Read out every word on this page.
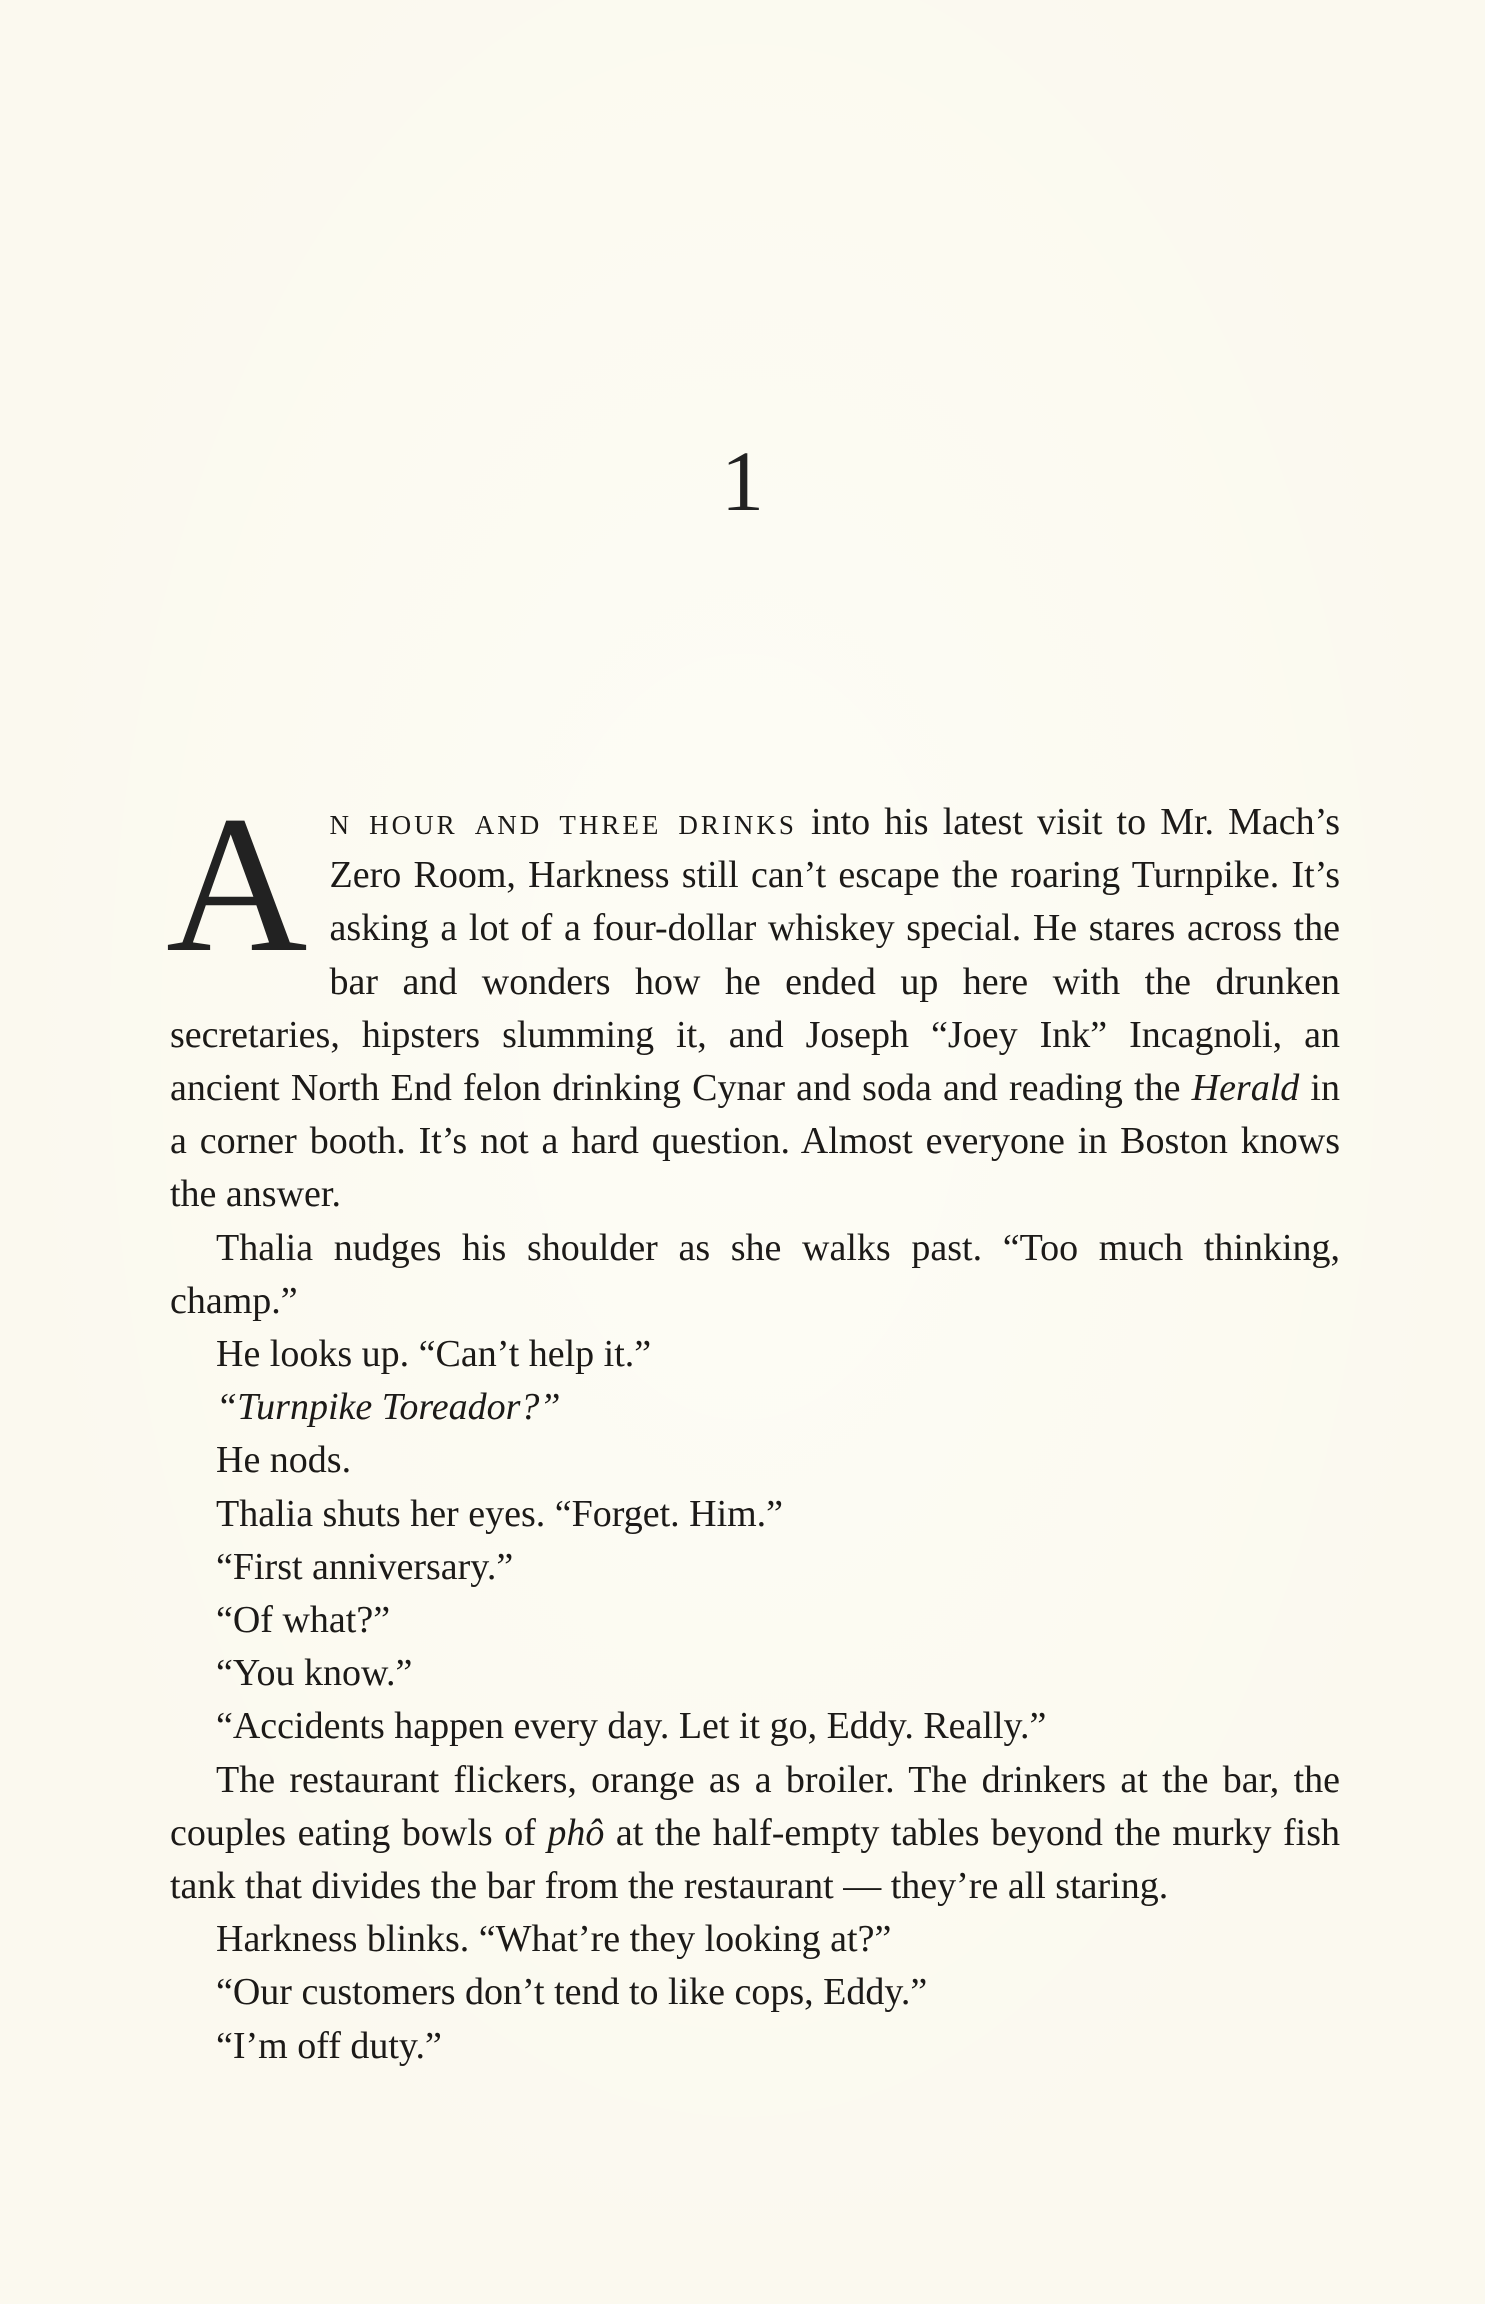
1

An hour and three drinks into his latest visit to Mr. Mach’s Zero Room, Harkness still can’t escape the roaring Turnpike. It’s asking a lot of a four-dollar whiskey special. He stares across the bar and wonders how he ended up here with the drunken secretaries, hipsters slumming it, and Joseph “Joey Ink” Incagnoli, an ancient North End felon drinking Cynar and soda and reading the Herald in a corner booth. It’s not a hard question. Almost everyone in Boston knows the answer.

Thalia nudges his shoulder as she walks past. “Too much thinking, champ.”

He looks up. “Can’t help it.”

“Turnpike Toreador?”

He nods.

Thalia shuts her eyes. “Forget. Him.”

“First anniversary.”

“Of what?”

“You know.”

“Accidents happen every day. Let it go, Eddy. Really.”

The restaurant flickers, orange as a broiler. The drinkers at the bar, the couples eating bowls of phô at the half-empty tables beyond the murky fish tank that divides the bar from the restaurant — they’re all staring.

Harkness blinks. “What’re they looking at?”

“Our customers don’t tend to like cops, Eddy.”

“I’m off duty.”
